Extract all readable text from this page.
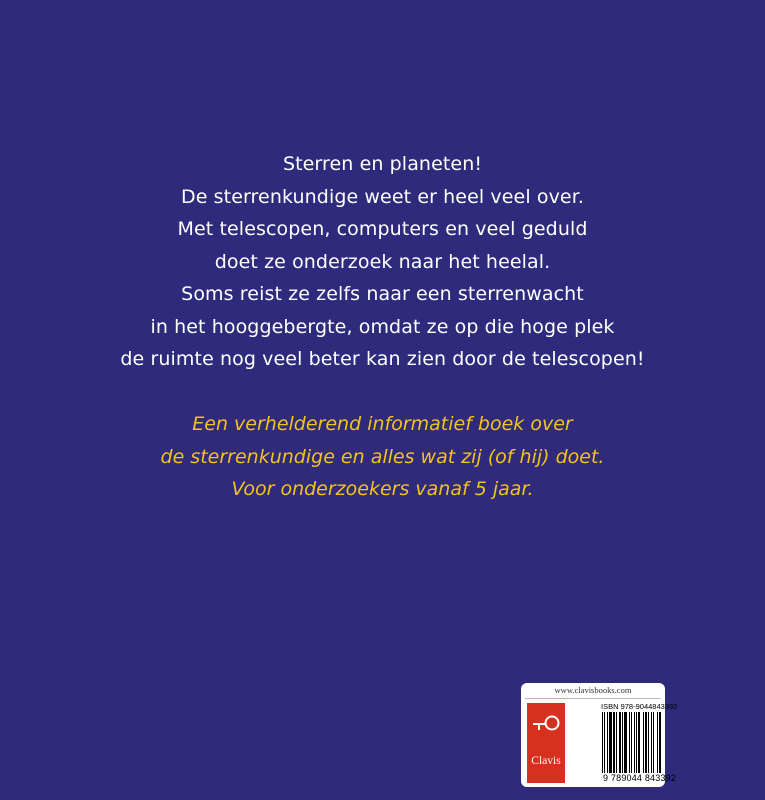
Sterren en planeten!
De sterrenkundige weet er heel veel over.
Met telescopen, computers en veel geduld
doet ze onderzoek naar het heelal.
Soms reist ze zelfs naar een sterrenwacht
in het hooggebergte, omdat ze op die hoge plek
de ruimte nog veel beter kan zien door de telescopen!
Een verhelderend informatief boek over
de sterrenkundige en alles wat zij (of hij) doet.
Voor onderzoekers vanaf 5 jaar.
www.clavisbooks.com
Clavis
ISBN 978-9044843392
9 789044 843392
